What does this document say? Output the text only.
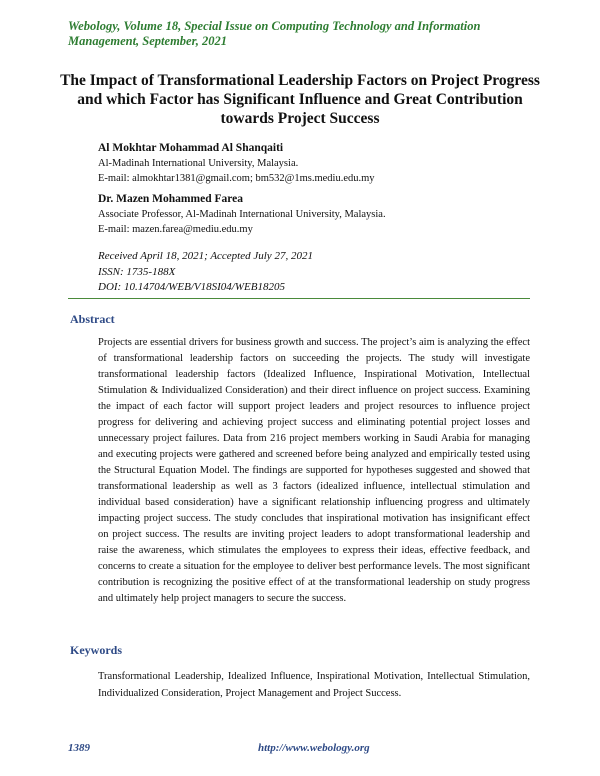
Webology, Volume 18, Special Issue on Computing Technology and Information Management, September, 2021
The Impact of Transformational Leadership Factors on Project Progress and which Factor has Significant Influence and Great Contribution towards Project Success
Al Mokhtar Mohammad Al Shanqaiti
Al-Madinah International University, Malaysia.
E-mail: almokhtar1381@gmail.com; bm532@1ms.mediu.edu.my
Dr. Mazen Mohammed Farea
Associate Professor, Al-Madinah International University, Malaysia.
E-mail: mazen.farea@mediu.edu.my
Received April 18, 2021; Accepted July 27, 2021
ISSN: 1735-188X
DOI: 10.14704/WEB/V18SI04/WEB18205
Abstract
Projects are essential drivers for business growth and success. The project’s aim is analyzing the effect of transformational leadership factors on succeeding the projects. The study will investigate transformational leadership factors (Idealized Influence, Inspirational Motivation, Intellectual Stimulation & Individualized Consideration) and their direct influence on project success. Examining the impact of each factor will support project leaders and project resources to influence project progress for delivering and achieving project success and eliminating potential project losses and unnecessary project failures. Data from 216 project members working in Saudi Arabia for managing and executing projects were gathered and screened before being analyzed and empirically tested using the Structural Equation Model. The findings are supported for hypotheses suggested and showed that transformational leadership as well as 3 factors (idealized influence, intellectual stimulation and individual based consideration) have a significant relationship influencing progress and ultimately impacting project success. The study concludes that inspirational motivation has insignificant effect on project success. The results are inviting project leaders to adopt transformational leadership and raise the awareness, which stimulates the employees to express their ideas, effective feedback, and concerns to create a situation for the employee to deliver best performance levels. The most significant contribution is recognizing the positive effect of at the transformational leadership on study progress and ultimately help project managers to secure the success.
Keywords
Transformational Leadership, Idealized Influence, Inspirational Motivation, Intellectual Stimulation, Individualized Consideration, Project Management and Project Success.
1389	http://www.webology.org
